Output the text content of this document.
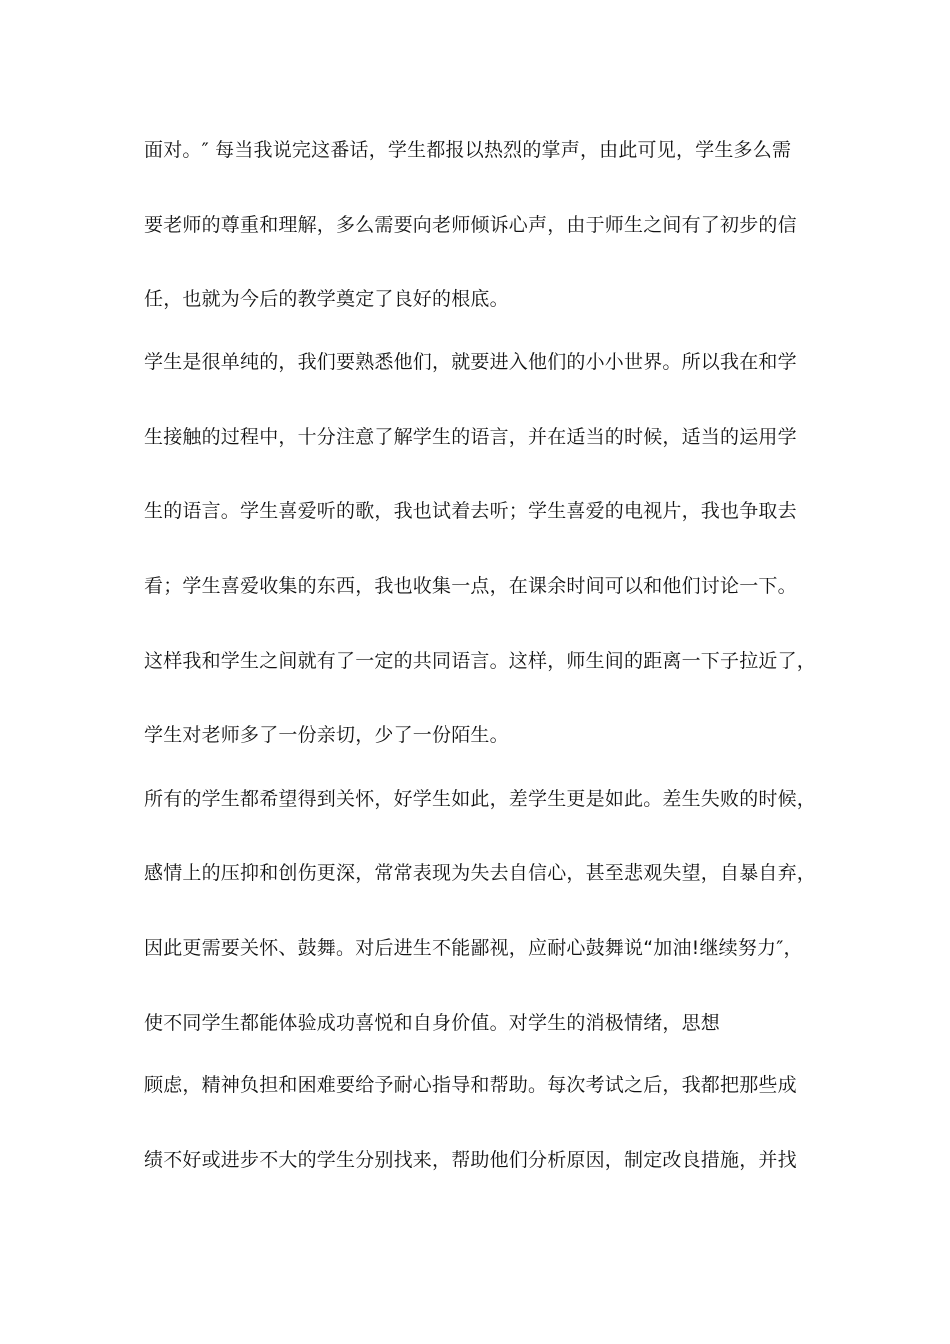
面对。″ 每当我说完这番话，学生都报以热烈的掌声，由此可见，学生多么需
要老师的尊重和理解，多么需要向老师倾诉心声，由于师生之间有了初步的信
任，也就为今后的教学奠定了良好的根底。
学生是很单纯的，我们要熟悉他们，就要进入他们的小小世界。所以我在和学
生接触的过程中，十分注意了解学生的语言，并在适当的时候，适当的运用学
生的语言。学生喜爱听的歌，我也试着去听；学生喜爱的电视片，我也争取去
看；学生喜爱收集的东西，我也收集一点，在课余时间可以和他们讨论一下。
这样我和学生之间就有了一定的共同语言。这样，师生间的距离一下子拉近了，
学生对老师多了一份亲切，少了一份陌生。
所有的学生都希望得到关怀，好学生如此，差学生更是如此。差生失败的时候，
感情上的压抑和创伤更深，常常表现为失去自信心，甚至悲观失望，自暴自弃，
因此更需要关怀、鼓舞。对后进生不能鄙视，应耐心鼓舞说“加油!继续努力″，
使不同学生都能体验成功喜悦和自身价值。对学生的消极情绪，思想
顾虑，精神负担和困难要给予耐心指导和帮助。每次考试之后，我都把那些成
绩不好或进步不大的学生分别找来，帮助他们分析原因，制定改良措施，并找
